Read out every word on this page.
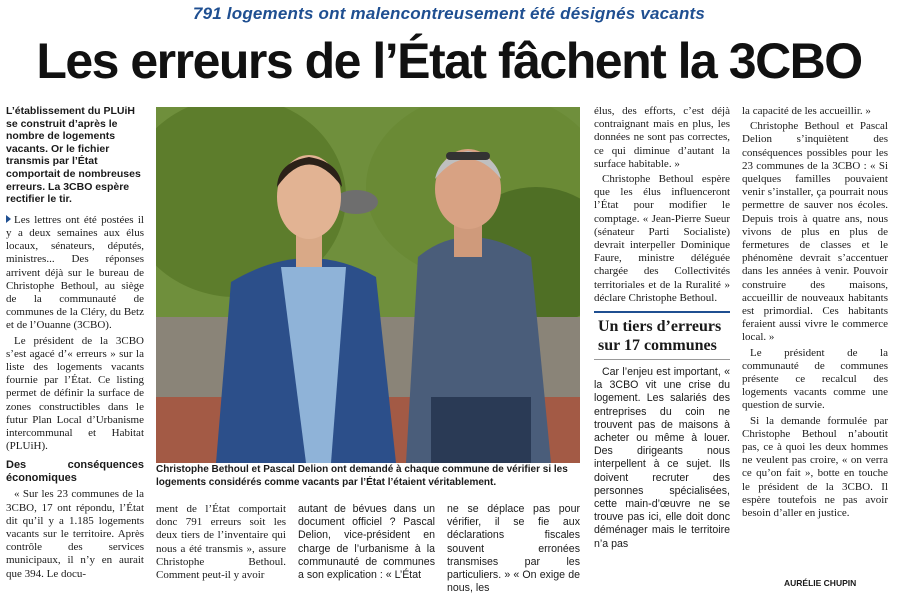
791 logements ont malencontreusement été désignés vacants
Les erreurs de l’État fâchent la 3CBO
L’établissement du PLUiH se construit d’après le nombre de logements vacants. Or le fichier transmis par l’État comportait de nombreuses erreurs. La 3CBO espère rectifier le tir.

Les lettres ont été postées il y a deux semaines aux élus locaux, sénateurs, députés, ministres... Des réponses arrivent déjà sur le bureau de Christophe Bethoul, au siège de la communauté de communes de la Cléry, du Betz et de l’Ouanne (3CBO).

Le président de la 3CBO s’est agacé d’« erreurs » sur la liste des logements vacants fournie par l’État. Ce listing permet de définir la surface de zones constructibles dans le futur Plan Local d’Urbanisme intercommunal et Habitat (PLUiH).

Des conséquences économiques

« Sur les 23 communes de la 3CBO, 17 ont répondu, l’État dit qu’il y a 1.185 logements vacants sur le territoire. Après contrôle des services municipaux, il n’y en aurait que 394. Le docu-

Christophe Bethoul et Pascal Delion ont demandé à chaque commune de vérifier si les logements considérés comme vacants par l’État l’étaient véritablement.

ment de l’État comportait donc 791 erreurs soit les deux tiers de l’inventaire qui nous a été transmis », assure Christophe Bethoul. Comment peut-il y avoir

autant de bévues dans un document officiel ? Pascal Delion, vice-président en charge de l’urbanisme à la communauté de communes a son explication : « L’État

ne se déplace pas pour vérifier, il se fie aux déclarations fiscales souvent erronées transmises par les particuliers. » « On exige de nous, les

élus, des efforts, c’est déjà contraignant mais en plus, les données ne sont pas correctes, ce qui diminue d’autant la surface habitable. »

Christophe Bethoul espère que les élus influenceront l’État pour modifier le comptage. « Jean-Pierre Sueur (sénateur Parti Socialiste) devrait interpeller Dominique Faure, ministre déléguée chargée des Collectivités territoriales et de la Ruralité » déclare Christophe Bethoul.

Un tiers d’erreurs sur 17 communes

Car l’enjeu est important, « la 3CBO vit une crise du logement. Les salariés des entreprises du coin ne trouvent pas de maisons à acheter ou même à louer. Des dirigeants nous interpellent à ce sujet. Ils doivent recruter des personnes spécialisées, cette main-d’œuvre ne se trouve pas ici, elle doit donc déménager mais le territoire n’a pas

la capacité de les accueillir. »

Christophe Bethoul et Pascal Delion s’inquiètent des conséquences possibles pour les 23 communes de la 3CBO : « Si quelques familles pouvaient venir s’installer, ça pourrait nous permettre de sauver nos écoles. Depuis trois à quatre ans, nous vivons de plus en plus de fermetures de classes et le phénomène devrait s’accentuer dans les années à venir. Pouvoir construire des maisons, accueillir de nouveaux habitants est primordial. Ces habitants feraient aussi vivre le commerce local. »

Le président de la communauté de communes présente ce recalcul des logements vacants comme une question de survie.

Si la demande formulée par Christophe Bethoul n’aboutit pas, ce à quoi les deux hommes ne veulent pas croire, « on verra ce qu’on fait », botte en touche le président de la 3CBO. Il espère toutefois ne pas avoir besoin d’aller en justice.

AURÉLIE CHUPIN
